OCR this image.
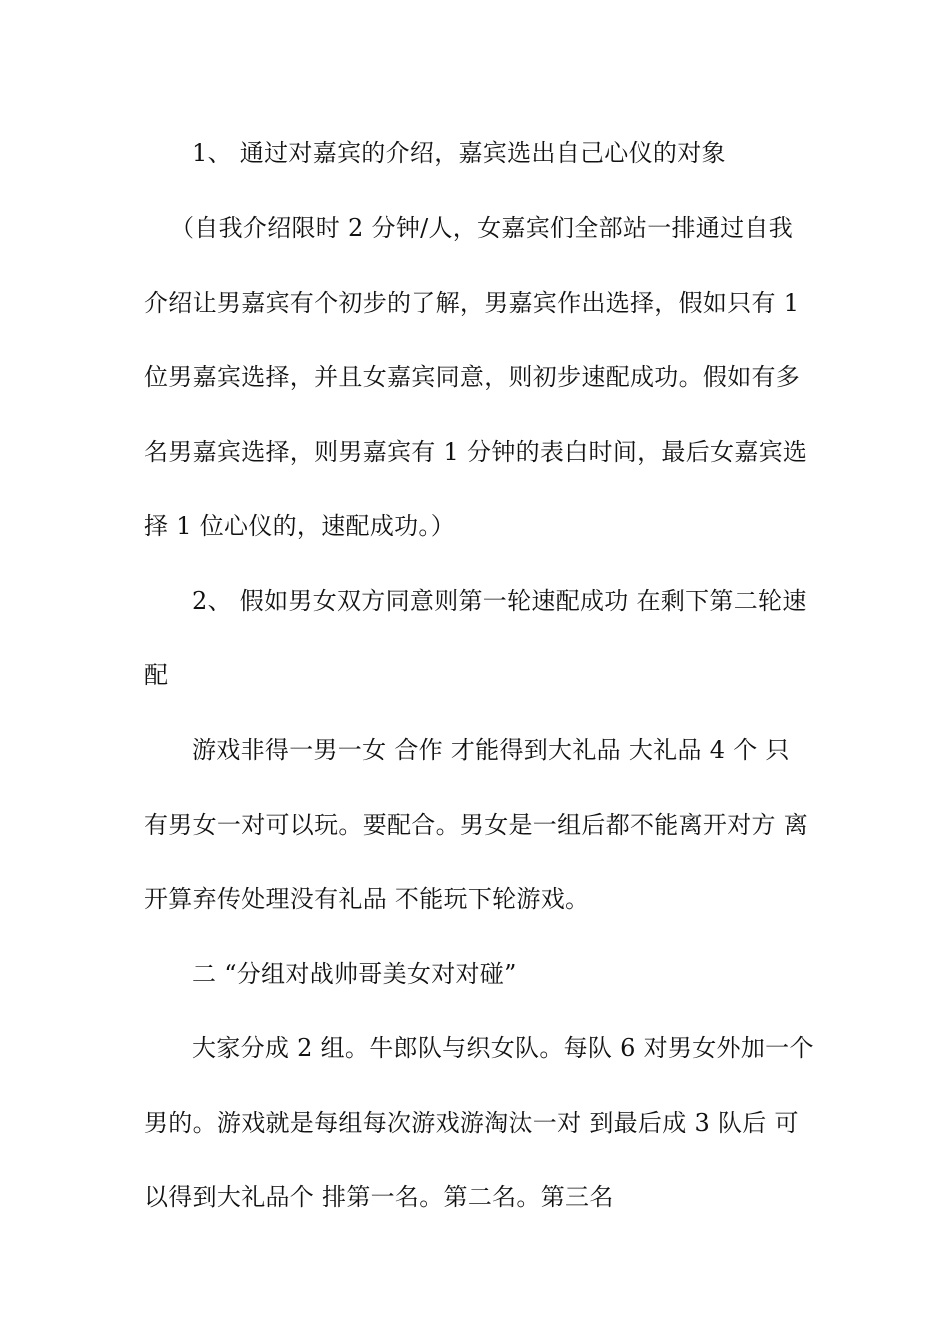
1、 通过对嘉宾的介绍，嘉宾选出自己心仪的对象
（自我介绍限时 2 分钟/人，女嘉宾们全部站一排通过自我
介绍让男嘉宾有个初步的了解，男嘉宾作出选择，假如只有 1
位男嘉宾选择，并且女嘉宾同意，则初步速配成功。假如有多
名男嘉宾选择，则男嘉宾有 1 分钟的表白时间，最后女嘉宾选
择 1 位心仪的，速配成功。）
2、 假如男女双方同意则第一轮速配成功 在剩下第二轮速
配
游戏非得一男一女 合作 才能得到大礼品 大礼品 4 个 只
有男女一对可以玩。要配合。男女是一组后都不能离开对方 离
开算弃传处理没有礼品 不能玩下轮游戏。
二 “分组对战帅哥美女对对碰”
大家分成 2 组。牛郎队与织女队。每队 6 对男女外加一个
男的。游戏就是每组每次游戏游淘汰一对 到最后成 3 队后 可
以得到大礼品个 排第一名。第二名。第三名
